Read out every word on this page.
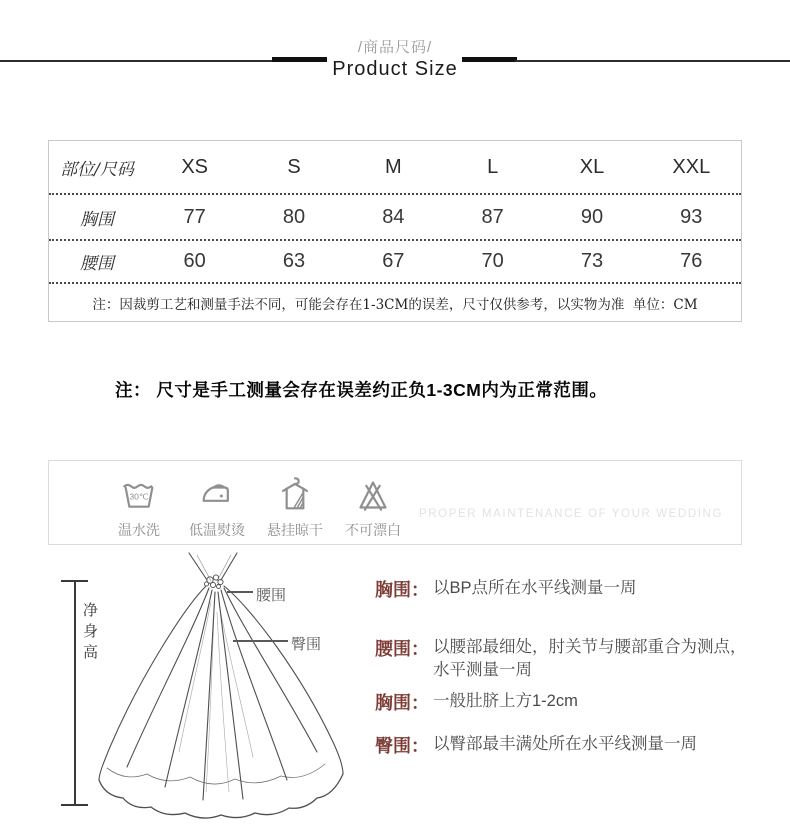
/商品尺码/
Product Size
部位/尺码	XS	S	M	L	XL	XXL
胸围	77	80	84	87	90	93
腰围	60	63	67	70	73	76
注：因裁剪工艺和测量手法不同，可能会存在1-3CM的误差，尺寸仅供参考，以实物为准  单位：CM
注： 尺寸是手工测量会存在误差约正负1-3CM内为正常范围。
30℃
温水洗 低温熨烫 悬挂晾干 不可漂白
PROPER MAINTENANCE OF YOUR WEDDING
净身高
腰围
臀围
胸围： 以BP点所在水平线测量一周
腰围： 以腰部最细处，肘关节与腰部重合为测点，水平测量一周
胸围： 一般肚脐上方1-2cm
臀围： 以臀部最丰满处所在水平线测量一周
